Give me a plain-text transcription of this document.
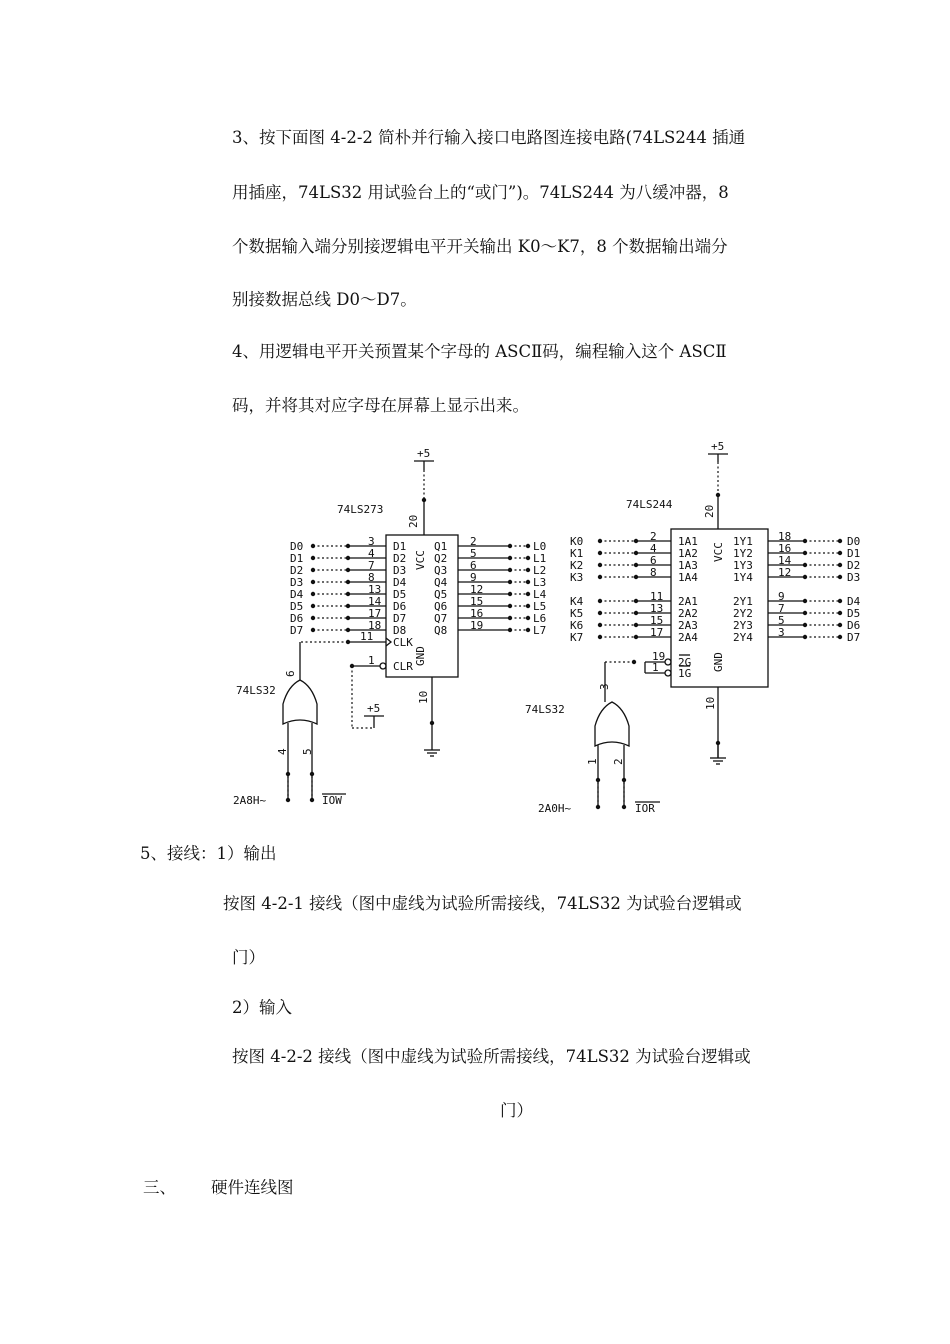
3、按下面图 4-2-2 简朴并行输入接口电路图连接电路(74LS244 插通
用插座，74LS32 用试验台上的“或门”)。74LS244 为八缓冲器，8
个数据输入端分别接逻辑电平开关输出 K0～K7，8 个数据输出端分
别接数据总线 D0～D7。
4、用逻辑电平开关预置某个字母的 ASCⅡ码，编程输入这个 ASCⅡ
码，并将其对应字母在屏幕上显示出来。
74LS273
+5
20
VCC
D0	3 D1	Q1 2	L0
D1	4 D2	Q2 5	L1
D2	7 D3	Q3 6	L2
D3	8 D4	Q4 9	L3
D4	13 D5	Q5 12	L4
D5	14 D6	Q6 15	L5
D6	17 D7	Q7 16	L6
D7	18 D8	Q8 19	L7
CLK
11
6
CLR
1
+5
GND
10
74LS32
4 5
2A8H~	IOW
74LS244
+5
20
VCC
K0	2 1A1	1Y1 18	D0
K1	4 1A2	1Y2 16	D1
K2	6 1A3	1Y3 14	D2
K3	8 1A4	1Y4 12	D3
K4	11 2A1	2Y1 9	D4
K5	13 2A2	2Y2 7	D5
K6	15 2A3	2Y3 5	D6
K7	17 2A4	2Y4 3	D7
19 2G
1 1G
3
GND
10
74LS32
1 2
2A0H~	IOR
5、接线：1）输出
按图 4-2-1 接线（图中虚线为试验所需接线，74LS32 为试验台逻辑或
门）
2）输入
按图 4-2-2 接线（图中虚线为试验所需接线，74LS32 为试验台逻辑或
门）
三、 硬件连线图
